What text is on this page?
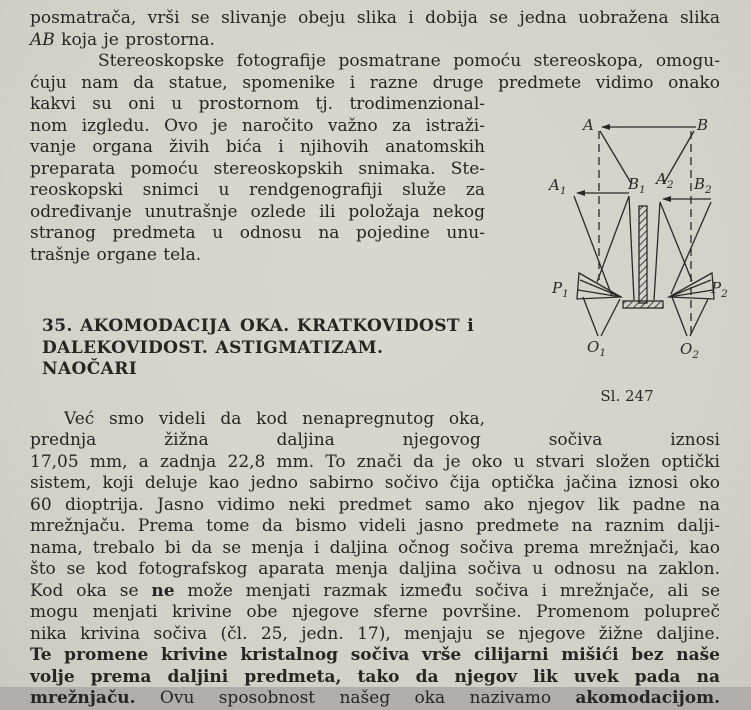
posmatrača, vrši se slivanje obeju slika i dobija se jedna uobražena slika
AB koja je prostorna.
Stereoskopske fotografije posmatrane pomoću stereoskopa, omogu-
ćuju nam da statue, spomenike i razne druge predmete vidimo onako
A	B
$A_1$	$B_1$
$A_2$ $B_2$
$P_1$	$P_2$
$O_1$	$O_2$
Sl. 247
kakvi su oni u prostornom tj. trodimenzional-
nom izgledu. Ovo je naročito važno za istraži-
vanje organa živih bića i njihovih anatomskih
preparata pomoću stereoskopskih snimaka. Ste-
reoskopski snimci u rendgenografiji služe za
određivanje unutrašnje ozlede ili položaja nekog
stranog predmeta u odnosu na pojedine unu-
trašnje organe tela.
35. AKOMODACIJA OKA. KRATKOVIDOST i
DALEKOVIDOST. ASTIGMATIZAM. NAOČARI
Već smo videli da kod nenapregnutog oka,
prednja žižna daljina njegovog sočiva iznosi
17,05 mm, a zadnja 22,8 mm. To znači da je oko u stvari složen optički
sistem, koji deluje kao jedno sabirno sočivo čija optička jačina iznosi oko
60 dioptrija. Jasno vidimo neki predmet samo ako njegov lik padne na
mrežnjaču. Prema tome da bismo videli jasno predmete na raznim dalji-
nama, trebalo bi da se menja i daljina očnog sočiva prema mrežnjači, kao
što se kod fotografskog aparata menja daljina sočiva u odnosu na zaklon.
Kod oka se ne može menjati razmak između sočiva i mrežnjače, ali se
mogu menjati krivine obe njegove sferne površine. Promenom polupreč
nika krivina sočiva (čl. 25, jedn. 17), menjaju se njegove žižne daljine.
Te promene krivine kristalnog sočiva vrše cilijarni mišići bez naše
volje prema daljini predmeta, tako da njegov lik uvek pada na
mrežnjaču. Ovu sposobnost našeg oka nazivamo akomodacijom.
